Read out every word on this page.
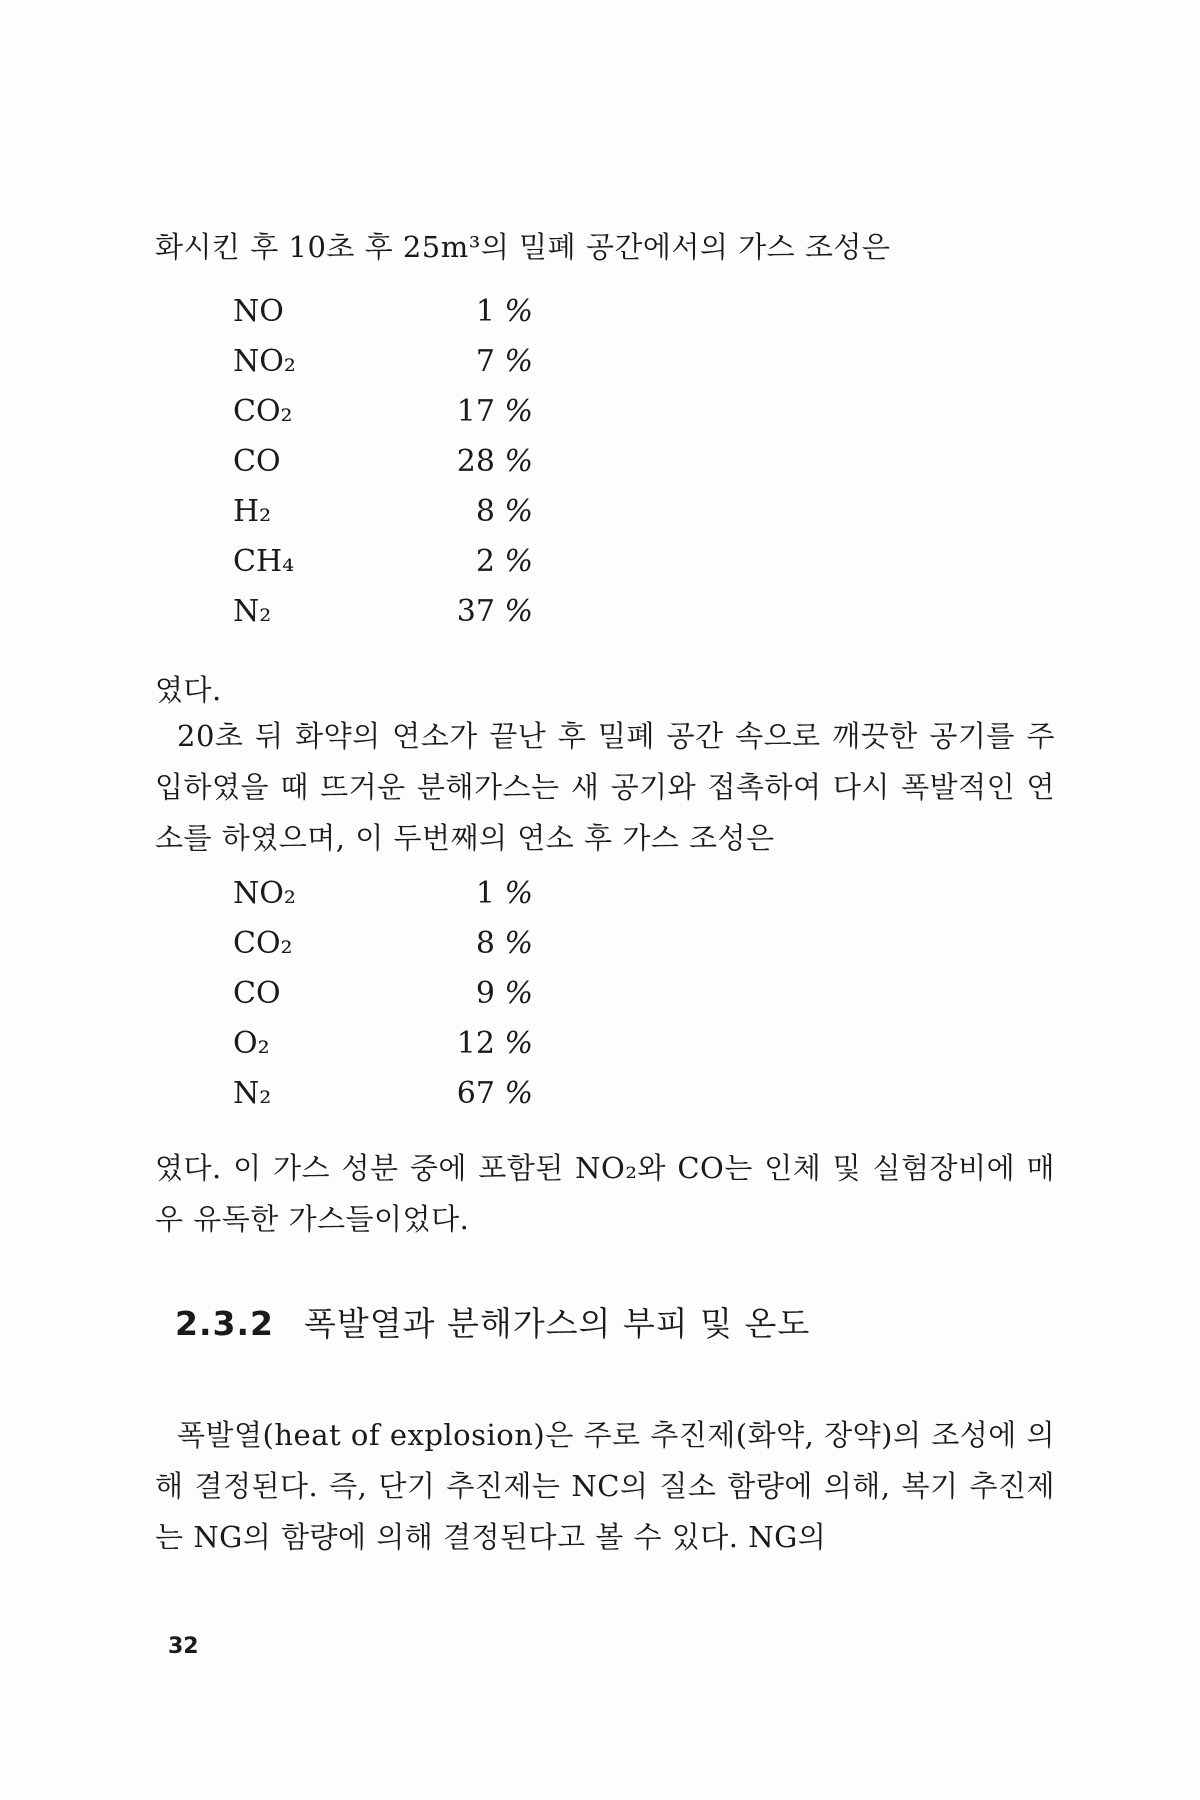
화시킨 후 10초 후 25m³의 밀폐 공간에서의 가스 조성은
NO	1 %
NO₂	7 %
CO₂	17 %
CO	28 %
H₂	8 %
CH₄	2 %
N₂	37 %
였다.
20초 뒤 화약의 연소가 끝난 후 밀폐 공간 속으로 깨끗한 공기를 주입하였을 때 뜨거운 분해가스는 새 공기와 접촉하여 다시 폭발적인 연소를 하였으며, 이 두번째의 연소 후 가스 조성은
NO₂	1 %
CO₂	8 %
CO	9 %
O₂	12 %
N₂	67 %
였다. 이 가스 성분 중에 포함된 NO₂와 CO는 인체 및 실험장비에 매우 유독한 가스들이었다.
2.3.2 폭발열과 분해가스의 부피 및 온도
폭발열(heat of explosion)은 주로 추진제(화약, 장약)의 조성에 의해 결정된다. 즉, 단기 추진제는 NC의 질소 함량에 의해, 복기 추진제는 NG의 함량에 의해 결정된다고 볼 수 있다. NG의
32
